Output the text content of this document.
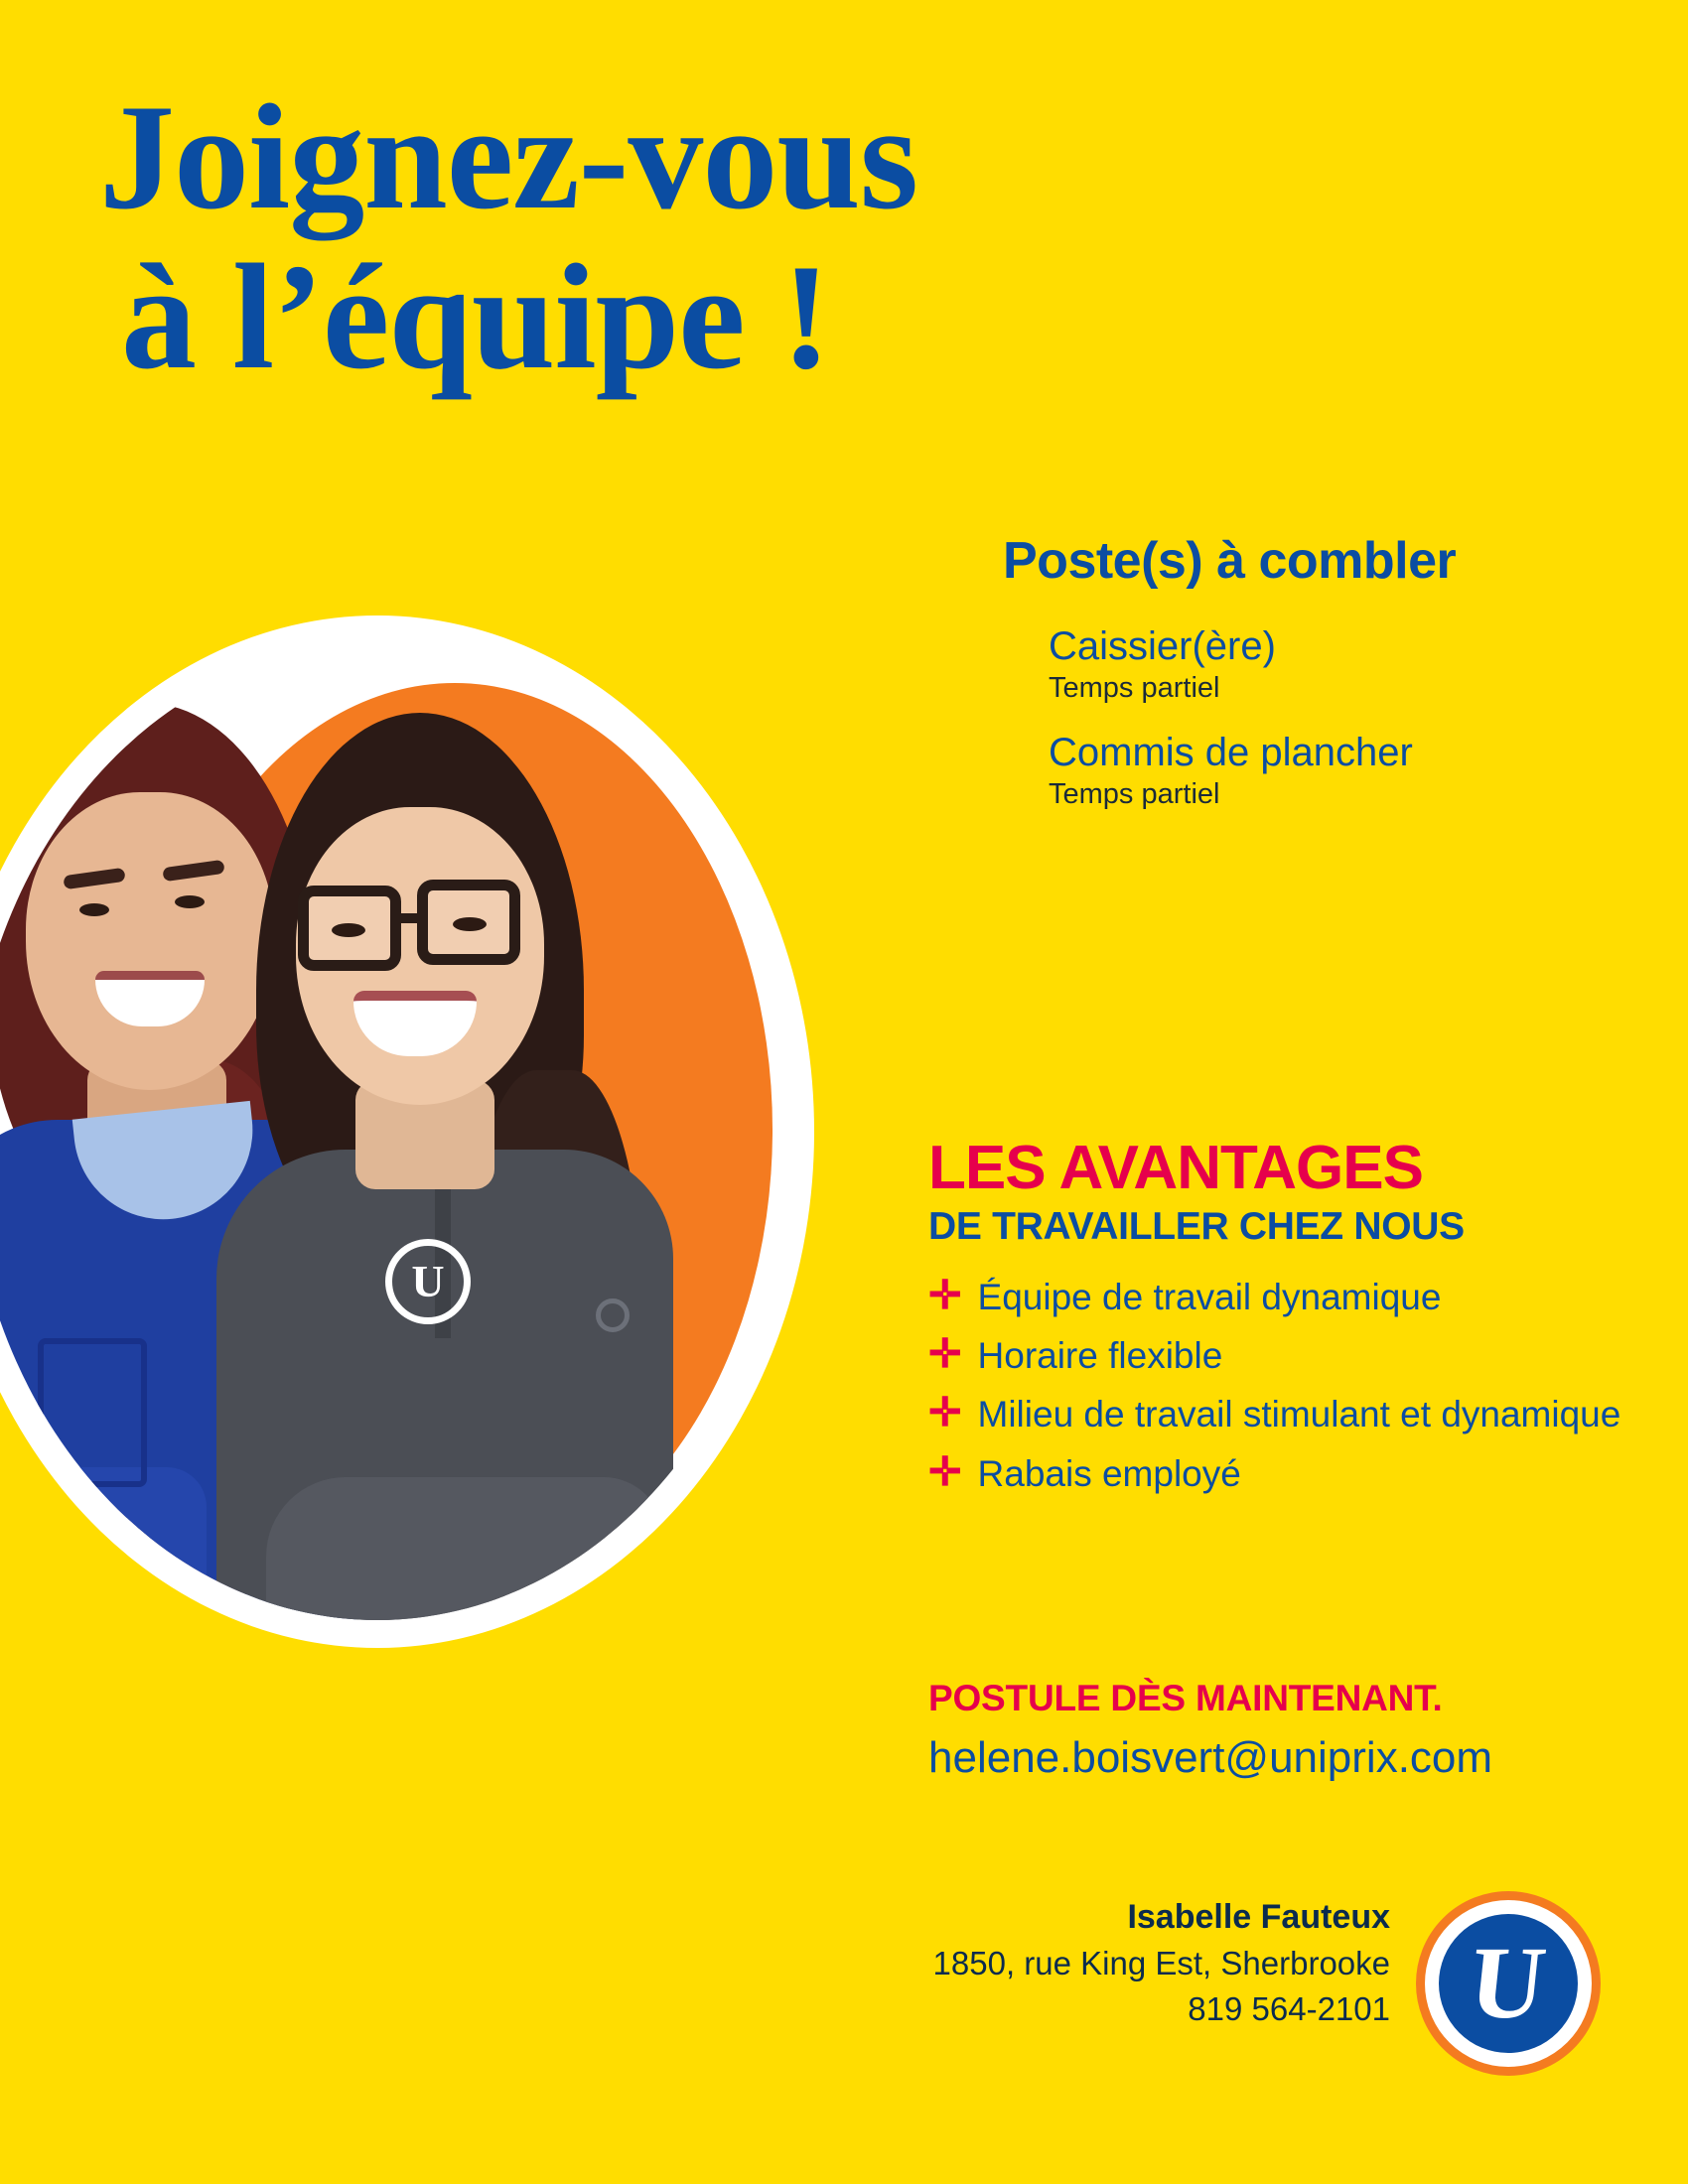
Joignez-vous
à l’équipe !
U
Poste(s) à combler
Caissier(ère)
Temps partiel
Commis de plancher
Temps partiel
LES AVANTAGES
DE TRAVAILLER CHEZ NOUS
✛ Équipe de travail dynamique
✛ Horaire flexible
✛ Milieu de travail stimulant et dynamique
✛ Rabais employé
POSTULE DÈS MAINTENANT.
helene.boisvert@uniprix.com
Isabelle Fauteux
1850, rue King Est, Sherbrooke
819 564-2101 U
